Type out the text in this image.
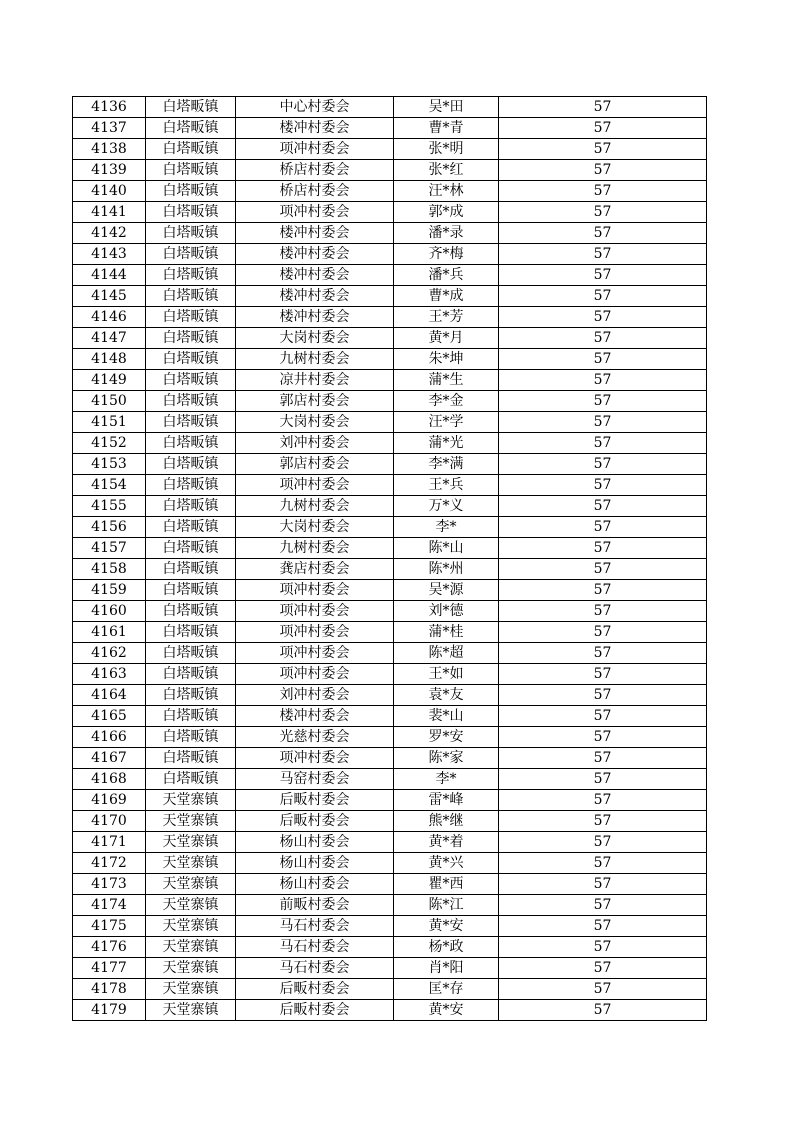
4136	白塔畈镇	中心村委会	吴*田	57
4137	白塔畈镇	楼冲村委会	曹*青	57
4138	白塔畈镇	项冲村委会	张*明	57
4139	白塔畈镇	桥店村委会	张*红	57
4140	白塔畈镇	桥店村委会	汪*林	57
4141	白塔畈镇	项冲村委会	郭*成	57
4142	白塔畈镇	楼冲村委会	潘*录	57
4143	白塔畈镇	楼冲村委会	齐*梅	57
4144	白塔畈镇	楼冲村委会	潘*兵	57
4145	白塔畈镇	楼冲村委会	曹*成	57
4146	白塔畈镇	楼冲村委会	王*芳	57
4147	白塔畈镇	大岗村委会	黄*月	57
4148	白塔畈镇	九树村委会	朱*坤	57
4149	白塔畈镇	凉井村委会	蒲*生	57
4150	白塔畈镇	郭店村委会	李*金	57
4151	白塔畈镇	大岗村委会	汪*学	57
4152	白塔畈镇	刘冲村委会	蒲*光	57
4153	白塔畈镇	郭店村委会	李*满	57
4154	白塔畈镇	项冲村委会	王*兵	57
4155	白塔畈镇	九树村委会	万*义	57
4156	白塔畈镇	大岗村委会	李*	57
4157	白塔畈镇	九树村委会	陈*山	57
4158	白塔畈镇	龚店村委会	陈*州	57
4159	白塔畈镇	项冲村委会	吴*源	57
4160	白塔畈镇	项冲村委会	刘*德	57
4161	白塔畈镇	项冲村委会	蒲*桂	57
4162	白塔畈镇	项冲村委会	陈*超	57
4163	白塔畈镇	项冲村委会	王*如	57
4164	白塔畈镇	刘冲村委会	袁*友	57
4165	白塔畈镇	楼冲村委会	裴*山	57
4166	白塔畈镇	光慈村委会	罗*安	57
4167	白塔畈镇	项冲村委会	陈*家	57
4168	白塔畈镇	马窑村委会	李*	57
4169	天堂寨镇	后畈村委会	雷*峰	57
4170	天堂寨镇	后畈村委会	熊*继	57
4171	天堂寨镇	杨山村委会	黄*着	57
4172	天堂寨镇	杨山村委会	黄*兴	57
4173	天堂寨镇	杨山村委会	瞿*西	57
4174	天堂寨镇	前畈村委会	陈*江	57
4175	天堂寨镇	马石村委会	黄*安	57
4176	天堂寨镇	马石村委会	杨*政	57
4177	天堂寨镇	马石村委会	肖*阳	57
4178	天堂寨镇	后畈村委会	匡*存	57
4179	天堂寨镇	后畈村委会	黄*安	57
